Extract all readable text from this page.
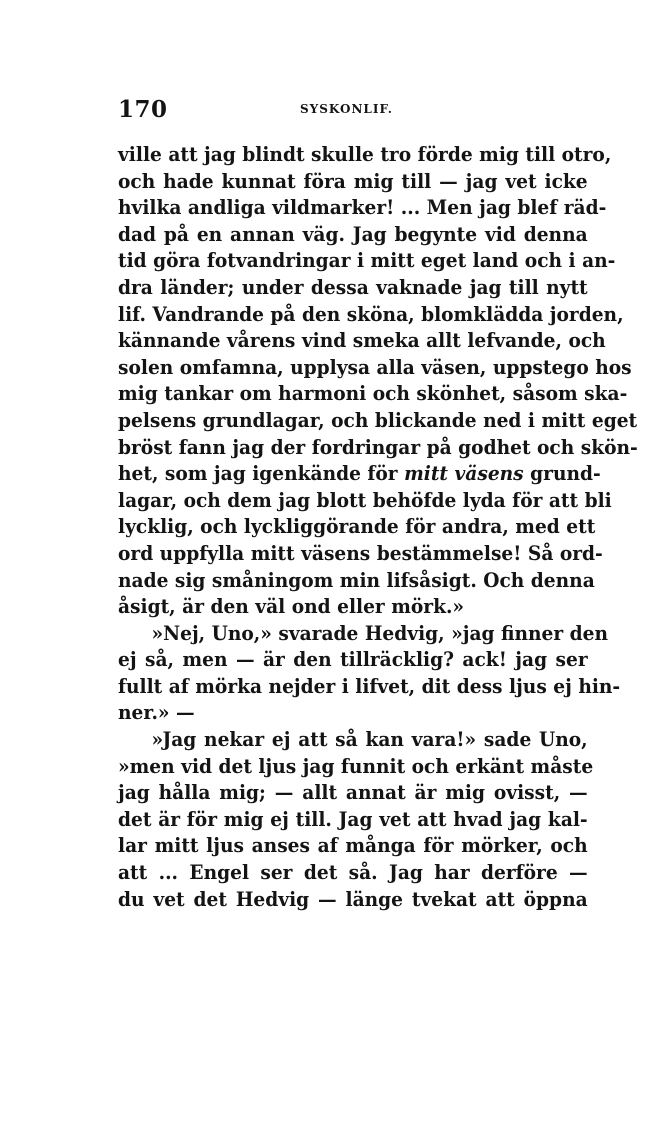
170	SYSKONLIF.
ville att jag blindt skulle tro förde mig till otro,
och hade kunnat föra mig till — jag vet icke
hvilka andliga vildmarker! ... Men jag blef räd-
dad på en annan väg. Jag begynte vid denna
tid göra fotvandringar i mitt eget land och i an-
dra länder; under dessa vaknade jag till nytt
lif. Vandrande på den sköna, blomklädda jorden,
kännande vårens vind smeka allt lefvande, och
solen omfamna, upplysa alla väsen, uppstego hos
mig tankar om harmoni och skönhet, såsom ska-
pelsens grundlagar, och blickande ned i mitt eget
bröst fann jag der fordringar på godhet och skön-
het, som jag igenkände för mitt väsens grund-
lagar, och dem jag blott behöfde lyda för att bli
lycklig, och lyckliggörande för andra, med ett
ord uppfylla mitt väsens bestämmelse! Så ord-
nade sig småningom min lifsåsigt. Och denna
åsigt, är den väl ond eller mörk.»
»Nej, Uno,» svarade Hedvig, »jag finner den
ej så, men — är den tillräcklig? ack! jag ser
fullt af mörka nejder i lifvet, dit dess ljus ej hin-
ner.» —
»Jag nekar ej att så kan vara!» sade Uno,
»men vid det ljus jag funnit och erkänt måste
jag hålla mig; — allt annat är mig ovisst, —
det är för mig ej till. Jag vet att hvad jag kal-
lar mitt ljus anses af många för mörker, och
att ... Engel ser det så. Jag har derföre —
du vet det Hedvig — länge tvekat att öppna
